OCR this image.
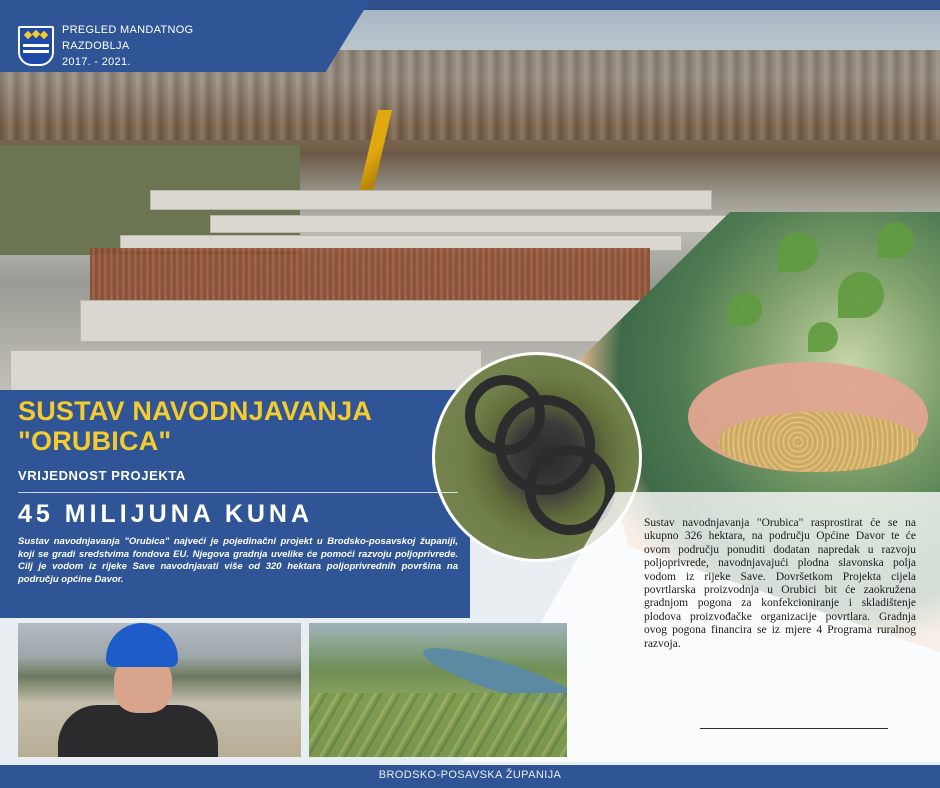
PREGLED MANDATNOG
RAZDOBLJA
2017. - 2021.
SUSTAV NAVODNJAVANJA
"ORUBICA"
VRIJEDNOST PROJEKTA
45 MILIJUNA KUNA
Sustav navodnjavanja "Orubica" najveći je pojedinačni projekt u Brodsko-posavskoj županiji, koji se gradi sredstvima fondova EU. Njegova gradnja uvelike će pomoći razvoju poljoprivrede. Cilj je vodom iz rijeke Save navodnjavati više od 320 hektara poljoprivrednih površina na području općine Davor.
Sustav navodnjavanja "Orubica" rasprostirat će se na ukupno 326 hektara, na području Općine Davor te će ovom području ponuditi dodatan napredak u razvoju poljoprivrede, navodnjavajući plodna slavonska polja vodom iz rijeke Save. Dovršetkom Projekta cijela povrtlarska proizvodnja u Orubici bit će zaokružena gradnjom pogona za konfekcioniranje i skladištenje plodova proizvođačke organizacije povrtlara. Gradnja ovog pogona financira se iz mjere 4 Programa ruralnog razvoja.
BRODSKO-POSAVSKA ŽUPANIJA
